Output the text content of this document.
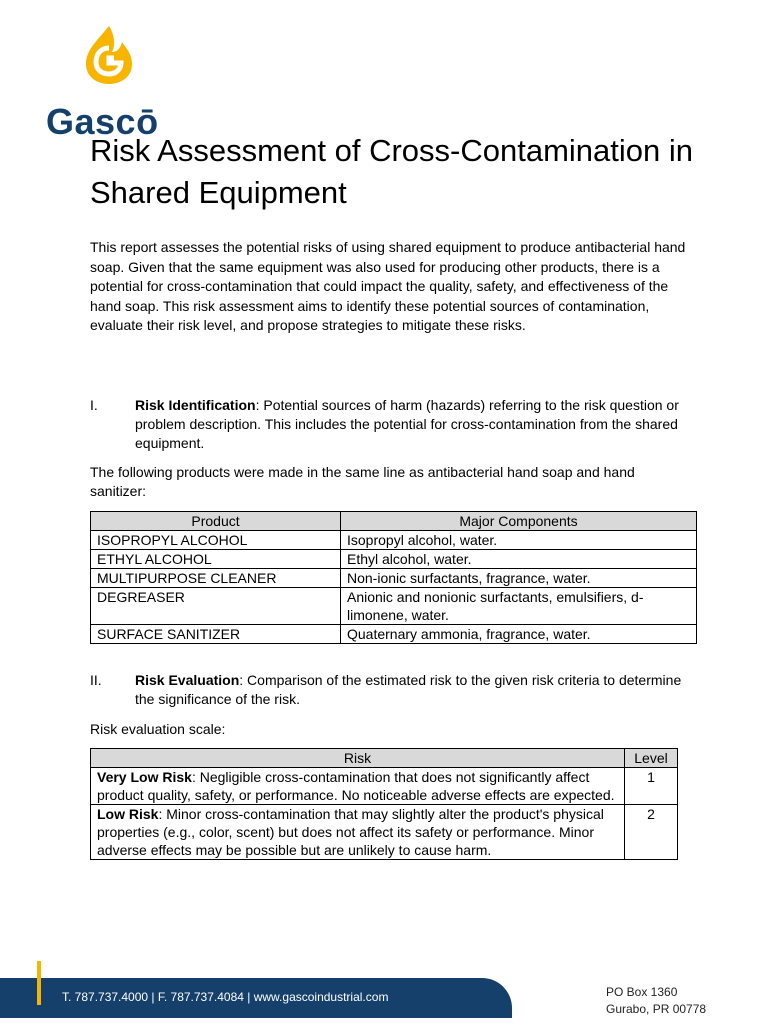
Gascō
Risk Assessment of Cross-Contamination in Shared Equipment

This report assesses the potential risks of using shared equipment to produce antibacterial hand soap. Given that the same equipment was also used for producing other products, there is a potential for cross-contamination that could impact the quality, safety, and effectiveness of the hand soap. This risk assessment aims to identify these potential sources of contamination, evaluate their risk level, and propose strategies to mitigate these risks.

I.	Risk Identification: Potential sources of harm (hazards) referring to the risk question or problem description. This includes the potential for cross-contamination from the shared equipment.

The following products were made in the same line as antibacterial hand soap and hand sanitizer:

Product	Major Components
ISOPROPYL ALCOHOL	Isopropyl alcohol, water.
ETHYL ALCOHOL	Ethyl alcohol, water.
MULTIPURPOSE CLEANER	Non-ionic surfactants, fragrance, water.
DEGREASER	Anionic and nonionic surfactants, emulsifiers, d-limonene, water.
SURFACE SANITIZER	Quaternary ammonia, fragrance, water.
II. Risk Evaluation: Comparison of the estimated risk to the given risk criteria to determine the significance of the risk.

Risk evaluation scale:

Risk	Level
Very Low Risk: Negligible cross-contamination that does not significantly affect product quality, safety, or performance. No noticeable adverse effects are expected.	1
Low Risk: Minor cross-contamination that may slightly alter the product's physical properties (e.g., color, scent) but does not affect its safety or performance. Minor adverse effects may be possible but are unlikely to cause harm.	2
T. 787.737.4000 | F. 787.737.4084 | www.gascoindustrial.com	PO Box 1360
Gurabo, PR 00778
